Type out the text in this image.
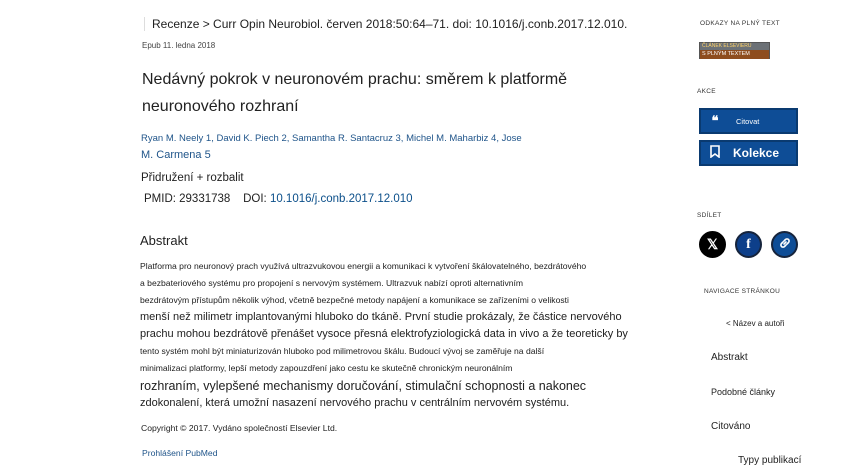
Recenze > Curr Opin Neurobiol. červen 2018:50:64–71. doi: 10.1016/j.conb.2017.12.010.
Epub 11. ledna 2018
Nedávný pokrok v neuronovém prachu: směrem k platformě
neuronového rozhraní
Ryan M. Neely 1, David K. Piech 2, Samantha R. Santacruz 3, Michel M. Maharbiz 4, Jose
M. Carmena 5
Přidružení + rozbalit
PMID: 29331738 DOI: 10.1016/j.conb.2017.12.010
Abstrakt
Platforma pro neuronový prach využívá ultrazvukovou energii a komunikaci k vytvoření škálovatelného, bezdrátového
a bezbateriového systému pro propojení s nervovým systémem. Ultrazvuk nabízí oproti alternativním
bezdrátovým přístupům několik výhod, včetně bezpečné metody napájení a komunikace se zařízeními o velikosti
menší než milimetr implantovanými hluboko do tkáně. První studie prokázaly, že částice nervového
prachu mohou bezdrátově přenášet vysoce přesná elektrofyziologická data in vivo a že teoreticky by
tento systém mohl být miniaturizován hluboko pod milimetrovou škálu. Budoucí vývoj se zaměřuje na další
minimalizaci platformy, lepší metody zapouzdření jako cestu ke skutečně chronickým neuronálním
rozhraním, vylepšené mechanismy doručování, stimulační schopnosti a nakonec
zdokonalení, která umožní nasazení nervového prachu v centrálním nervovém systému.
Copyright © 2017. Vydáno společností Elsevier Ltd.
Prohlášení PubMed
ODKAZY NA PLNÝ TEXT
ČLÁNEK ELSEVIERU
S PLNÝM TEXTEM
AKCE
❝	Citovat
Kolekce
SDÍLET
𝕏 f
NAVIGACE STRÁNKOU
< Název a autoři
Abstrakt
Podobné články
Citováno
Typy publikací
